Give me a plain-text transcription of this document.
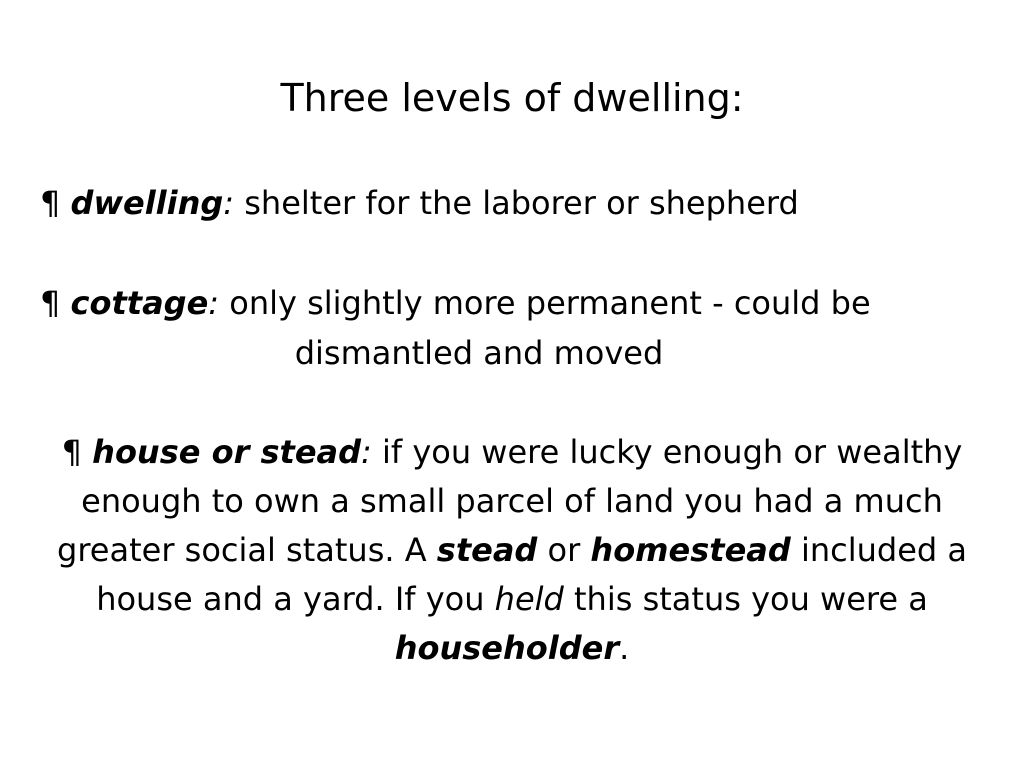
Three levels of dwelling:
¶ dwelling: shelter for the laborer or shepherd
¶ cottage: only slightly more permanent - could be
dismantled and moved
¶ house or stead: if you were lucky enough or wealthy enough to own a small parcel of land you had a much greater social status. A stead or homestead included a house and a yard. If you held this status you were a householder.
